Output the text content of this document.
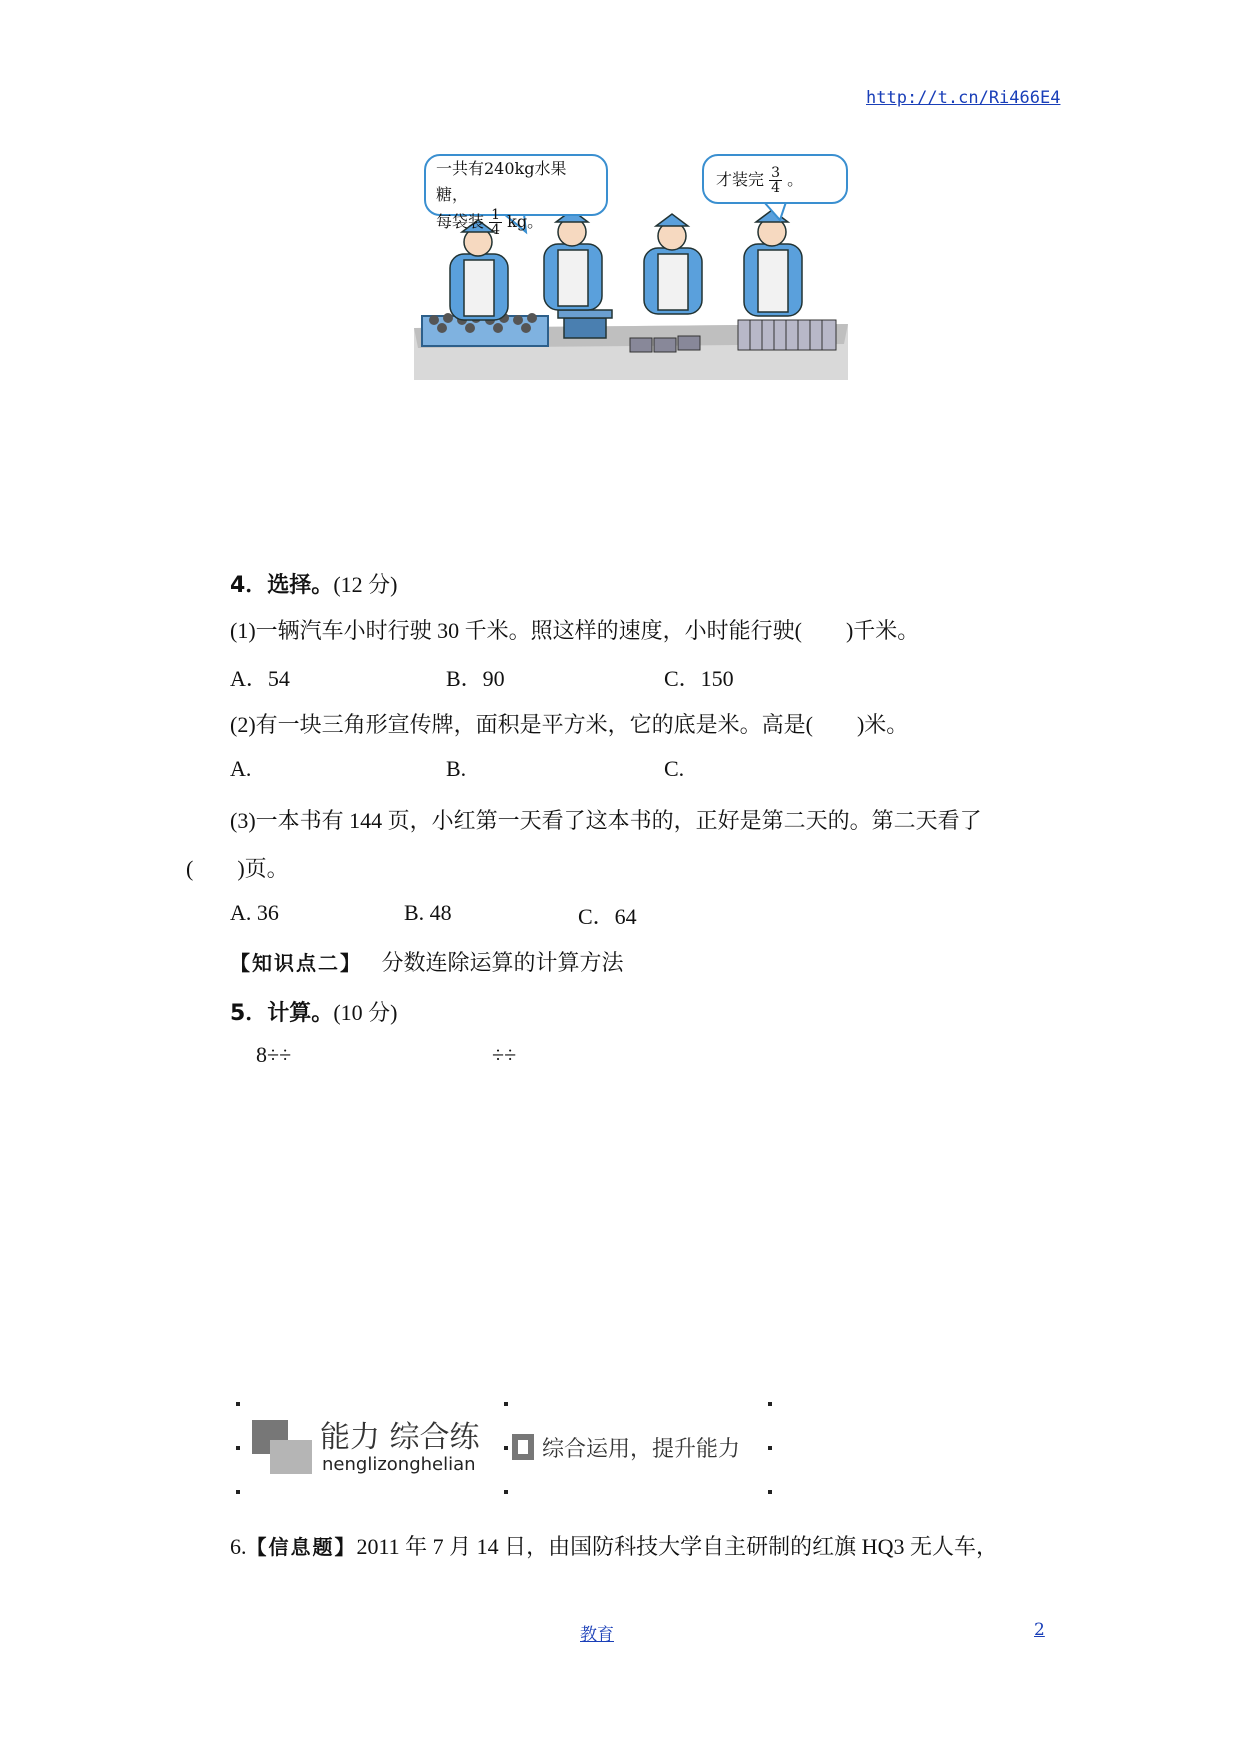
http://t.cn/Ri466E4
一共有240kg水果糖，
每袋装 $\frac{1}{4}$ kg。
才装完 $\frac{3}{4}$ 。
4．选择。(12 分)
(1)一辆汽车小时行驶 30 千米。照这样的速度，小时能行驶(　　)千米。
A．54	B．90	C．150
(2)有一块三角形宣传牌，面积是平方米，它的底是米。高是(　　)米。
A.	B.	C.
(3)一本书有 144 页，小红第一天看了这本书的，正好是第二天的。第二天看了
(　　)页。
A. 36	B. 48	C．64
【知识点二】 分数连除运算的计算方法
5．计算。(10 分)
8÷÷	÷÷
能力 综合练
nenglizonghelian
综合运用，提升能力
6.【信息题】2011 年 7 月 14 日，由国防科技大学自主研制的红旗 HQ3 无人车，
教育	2
